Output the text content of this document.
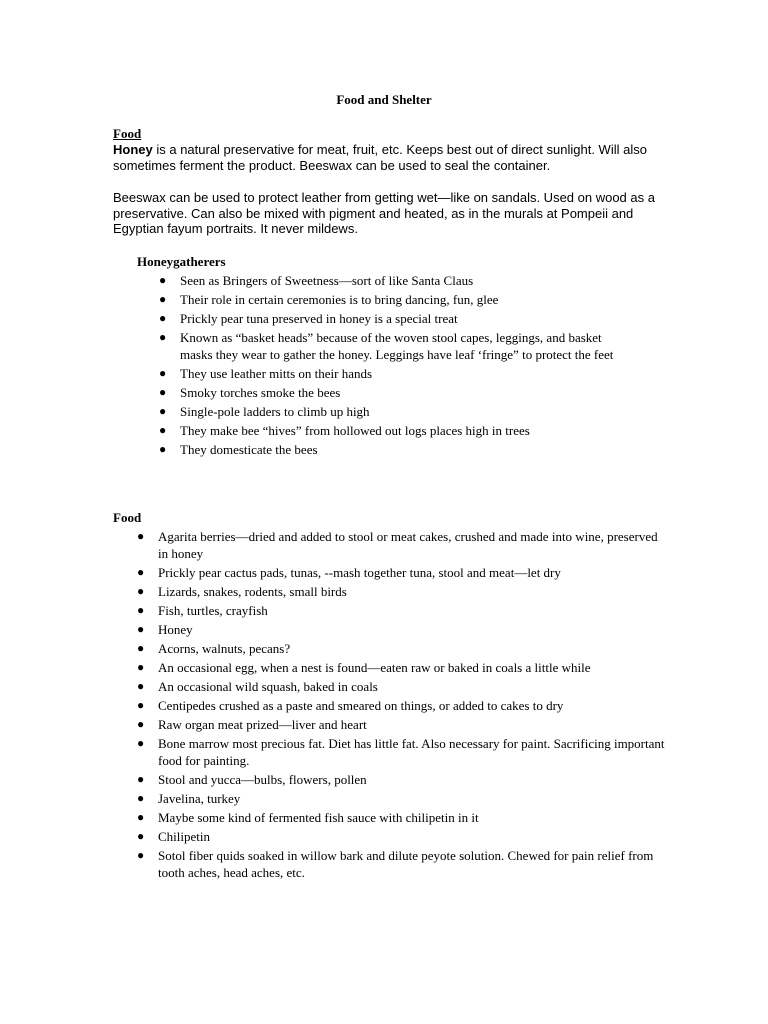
Food and Shelter
Food
Honey is a natural preservative for meat, fruit, etc. Keeps best out of direct sunlight. Will also sometimes ferment the product. Beeswax can be used to seal the container.
Beeswax can be used to protect leather from getting wet—like on sandals. Used on wood as a preservative. Can also be mixed with pigment and heated, as in the murals at Pompeii and Egyptian fayum portraits. It never mildews.
Honeygatherers
● Seen as Bringers of Sweetness—sort of like Santa Claus
● Their role in certain ceremonies is to bring dancing, fun, glee
● Prickly pear tuna preserved in honey is a special treat
● Known as “basket heads” because of the woven stool capes, leggings, and basket masks they wear to gather the honey. Leggings have leaf ‘fringe” to protect the feet
● They use leather mitts on their hands
● Smoky torches smoke the bees
● Single-pole ladders to climb up high
● They make bee “hives” from hollowed out logs places high in trees
● They domesticate the bees
Food
● Agarita berries—dried and added to stool or meat cakes, crushed and made into wine, preserved in honey
● Prickly pear cactus pads, tunas, --mash together tuna, stool and meat—let dry
● Lizards, snakes, rodents, small birds
● Fish, turtles, crayfish
● Honey
● Acorns, walnuts, pecans?
● An occasional egg, when a nest is found—eaten raw or baked in coals a little while
● An occasional wild squash, baked in coals
● Centipedes crushed as a paste and smeared on things, or added to cakes to dry
● Raw organ meat prized—liver and heart
● Bone marrow most precious fat. Diet has little fat. Also necessary for paint. Sacrificing important food for painting.
● Stool and yucca—bulbs, flowers, pollen
● Javelina, turkey
● Maybe some kind of fermented fish sauce with chilipetin in it
● Chilipetin
● Sotol fiber quids soaked in willow bark and dilute peyote solution. Chewed for pain relief from tooth aches, head aches, etc.
